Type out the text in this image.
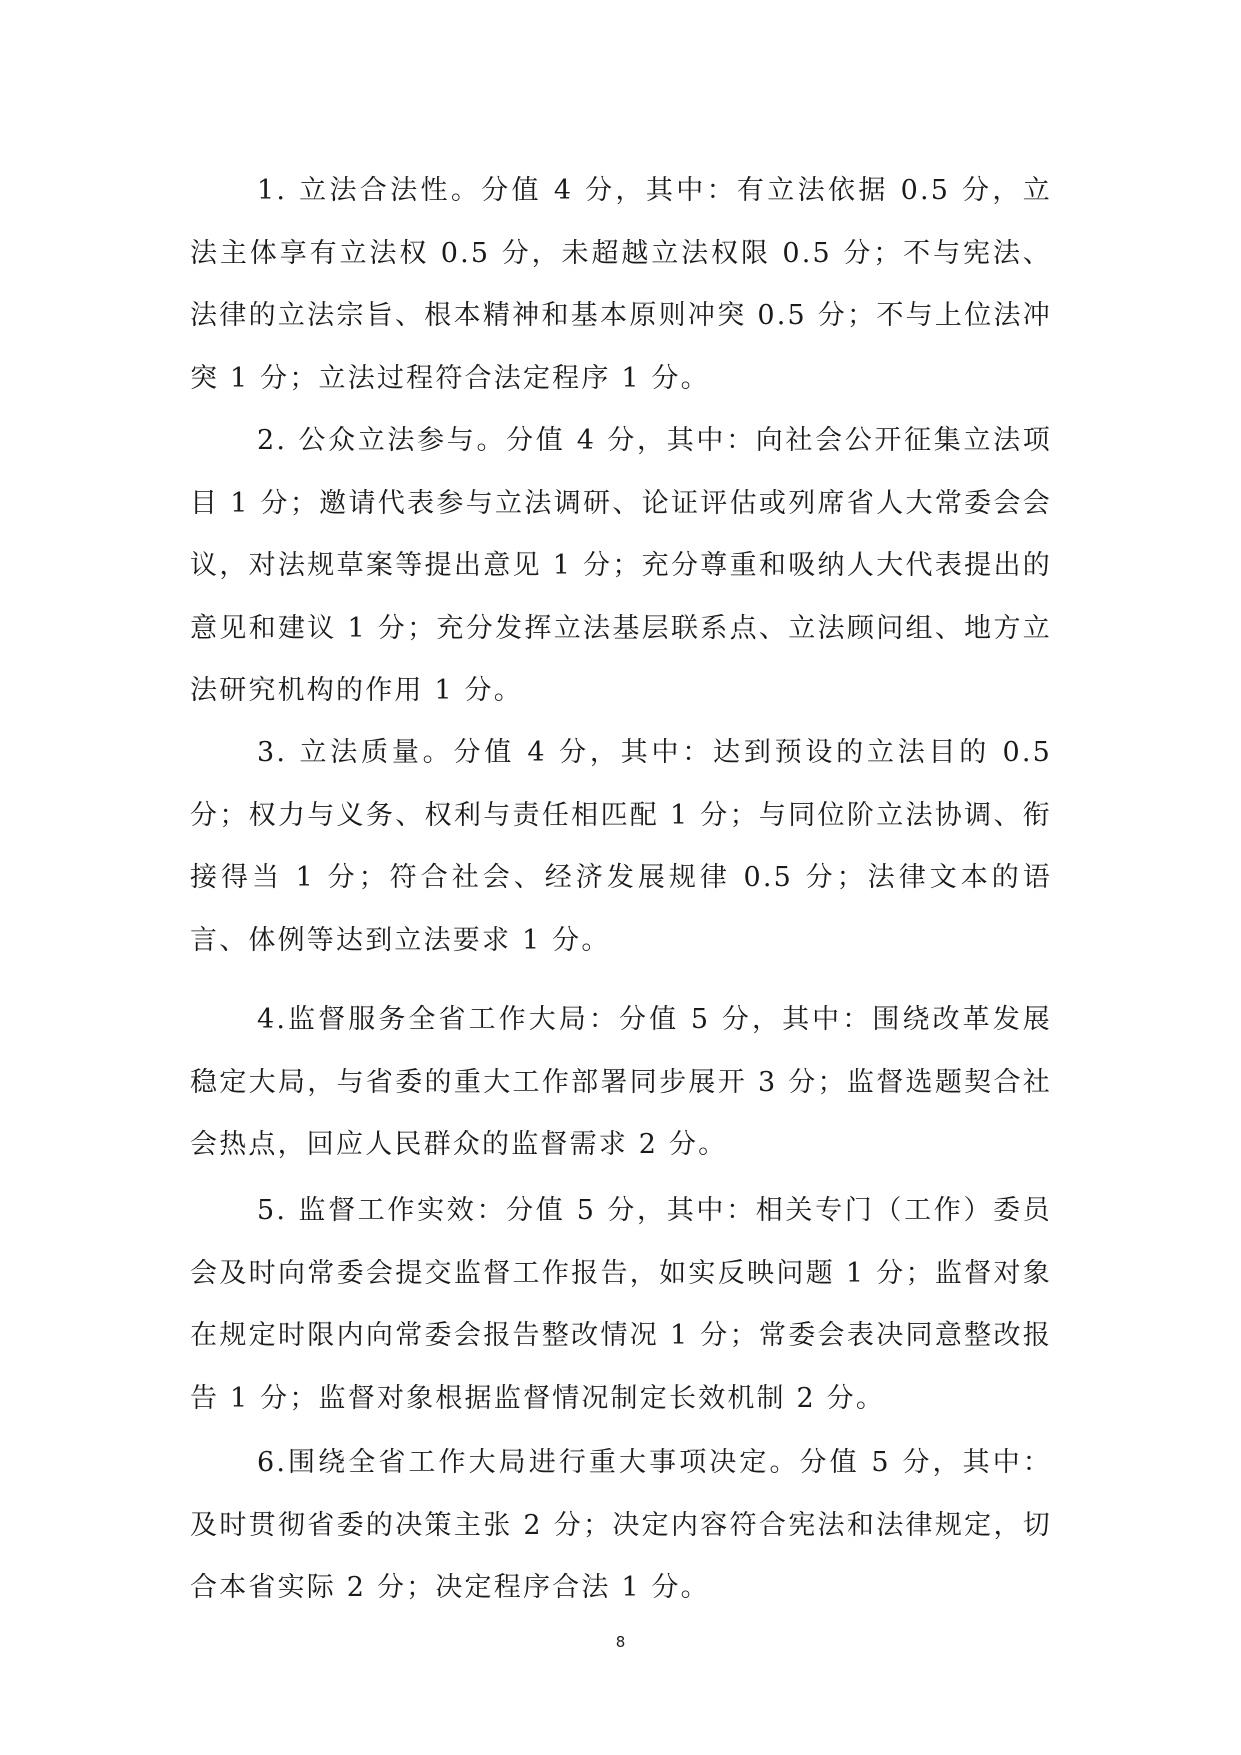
1. 立法合法性。分值 4 分，其中：有立法依据 0.5 分，立法主体享有立法权 0.5 分，未超越立法权限 0.5 分；不与宪法、法律的立法宗旨、根本精神和基本原则冲突 0.5 分；不与上位法冲突 1 分；立法过程符合法定程序 1 分。

2. 公众立法参与。分值 4 分，其中：向社会公开征集立法项目 1 分；邀请代表参与立法调研、论证评估或列席省人大常委会会议，对法规草案等提出意见 1 分；充分尊重和吸纳人大代表提出的意见和建议 1 分；充分发挥立法基层联系点、立法顾问组、地方立法研究机构的作用 1 分。

3. 立法质量。分值 4 分，其中：达到预设的立法目的 0.5 分；权力与义务、权利与责任相匹配 1 分；与同位阶立法协调、衔接得当 1 分；符合社会、经济发展规律 0.5 分；法律文本的语言、体例等达到立法要求 1 分。

4.监督服务全省工作大局：分值 5 分，其中：围绕改革发展稳定大局，与省委的重大工作部署同步展开 3 分；监督选题契合社会热点，回应人民群众的监督需求 2 分。

5. 监督工作实效：分值 5 分，其中：相关专门（工作）委员会及时向常委会提交监督工作报告，如实反映问题 1 分；监督对象在规定时限内向常委会报告整改情况 1 分；常委会表决同意整改报告 1 分；监督对象根据监督情况制定长效机制 2 分。

6.围绕全省工作大局进行重大事项决定。分值 5 分，其中：及时贯彻省委的决策主张 2 分；决定内容符合宪法和法律规定，切合本省实际 2 分；决定程序合法 1 分。

8
